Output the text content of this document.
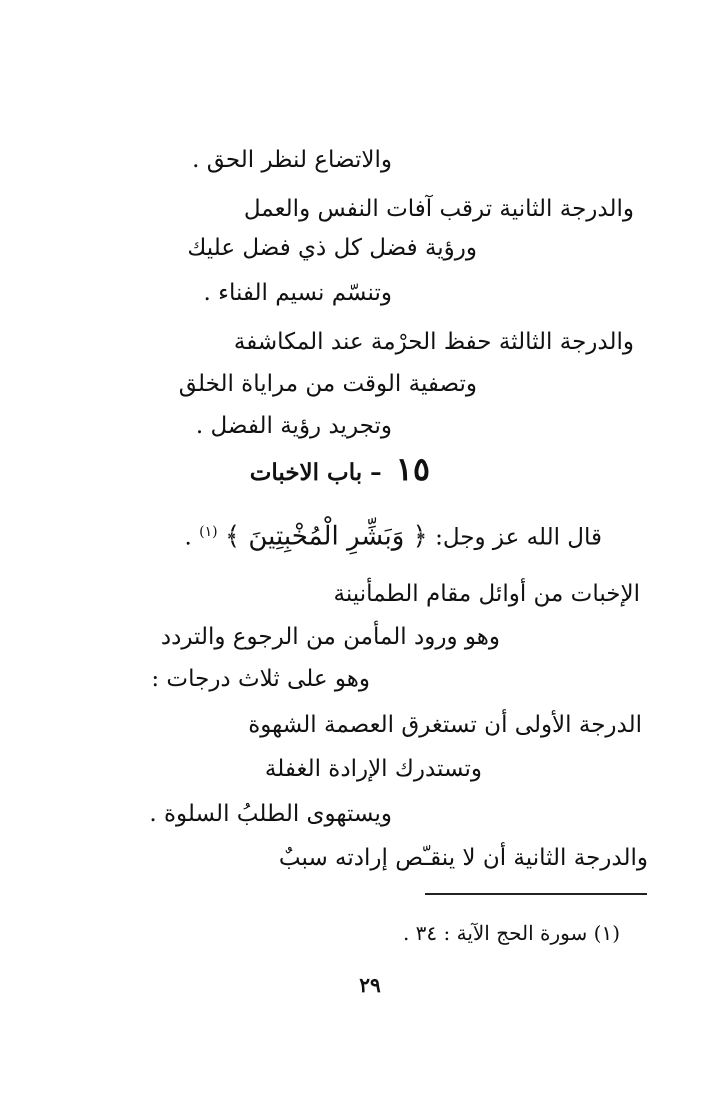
والاتضاع لنظر الحق .
والدرجة الثانية ترقب آفات النفس والعمل
ورؤية فضل كل ذي فضل عليك
وتنسّم نسيم الفناء .
والدرجة الثالثة حفظ الحرْمة عند المكاشفة
وتصفية الوقت من مراياة الخلق
وتجريد رؤية الفضل .
١٥– باب الاخبات
قال الله عز وجل: ﴿ وَبَشِّرِ الْمُخْبِتِينَ ﴾ $^{(١)}$ .
الإخبات من أوائل مقام الطمأنينة
وهو ورود المأمن من الرجوع والتردد
وهو على ثلاث درجات :
الدرجة الأولى أن تستغرق العصمة الشهوة
وتستدرك الإرادة الغفلة
ويستهوى الطلبُ السلوة .
والدرجة الثانية أن لا ينقـّص إرادته سببٌ
(١) سورة الحج الآية : ٣٤ .
٢٩
